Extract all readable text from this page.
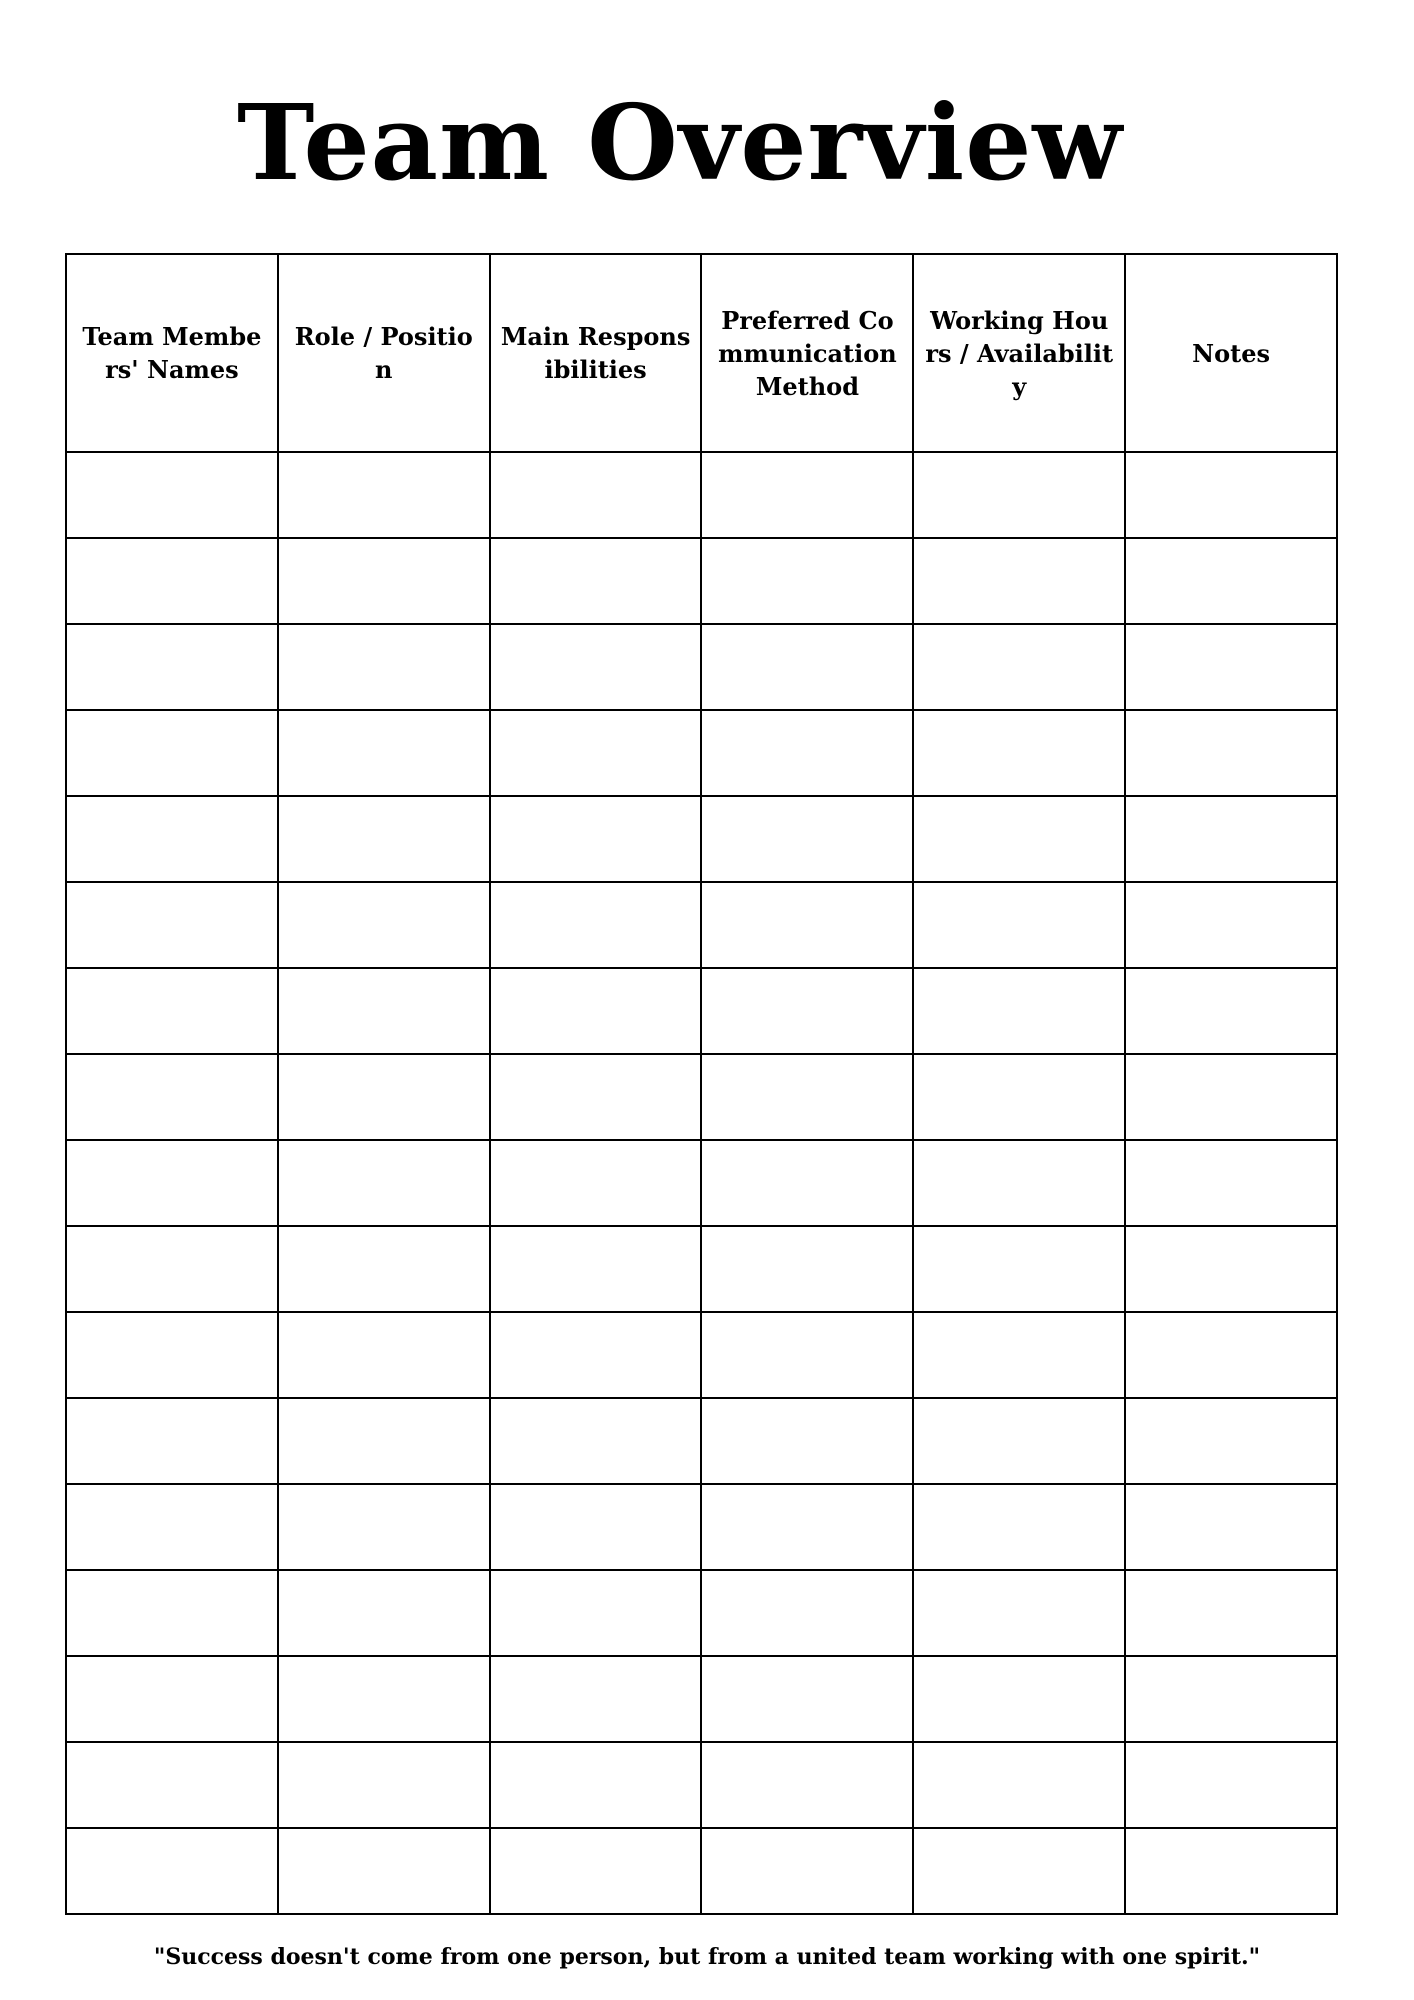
Team Overview
Team Members' Names	Role / Position	Main Responsibilities	Preferred Communication Method	Working Hours / Availability	Notes

"Success doesn't come from one person, but from a united team working with one spirit."
